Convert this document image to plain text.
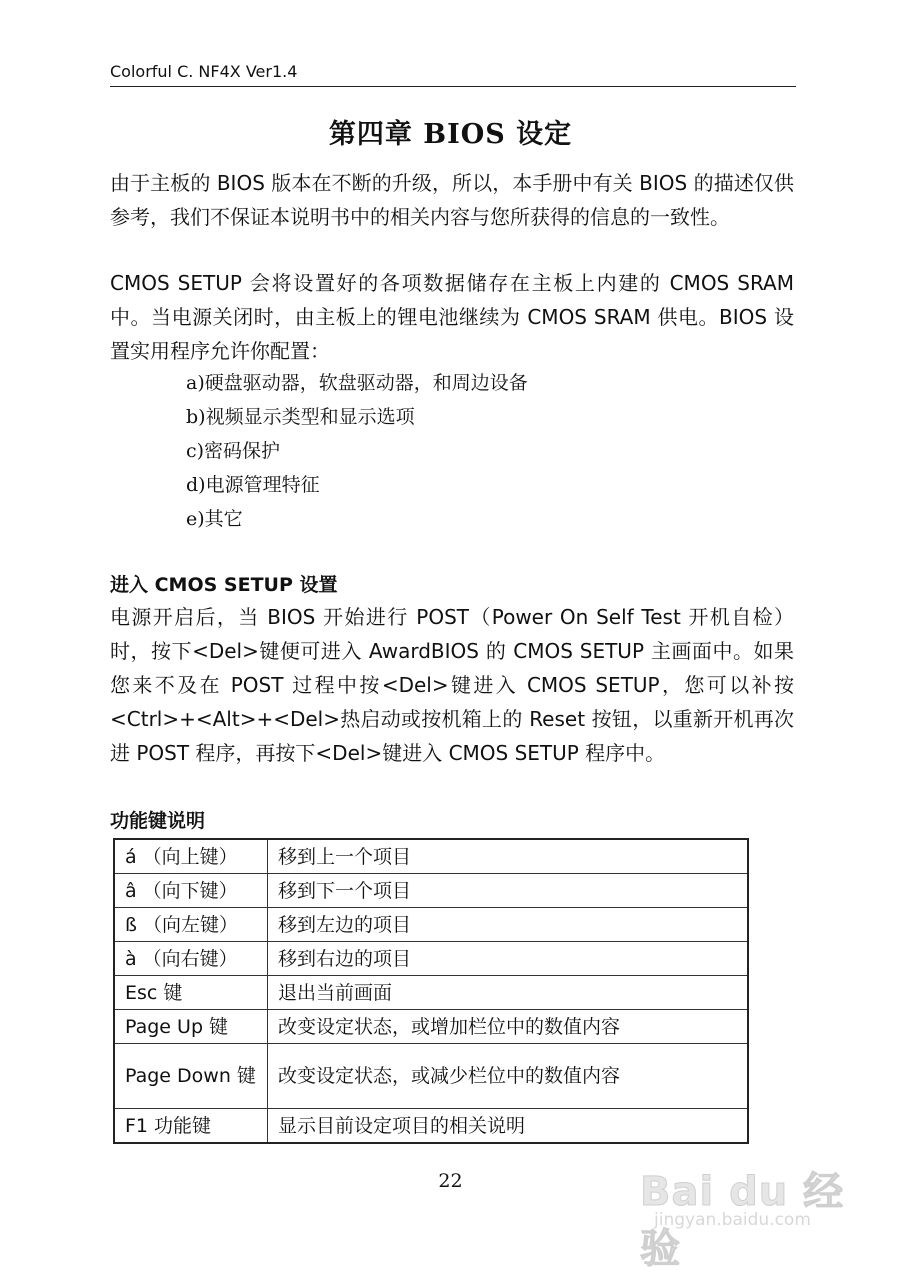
Colorful C. NF4X Ver1.4
第四章 BIOS 设定
由于主板的 BIOS 版本在不断的升级，所以，本手册中有关 BIOS 的描述仅供参考，我们不保证本说明书中的相关内容与您所获得的信息的一致性。
CMOS SETUP 会将设置好的各项数据储存在主板上内建的 CMOS SRAM 中。当电源关闭时，由主板上的锂电池继续为 CMOS SRAM 供电。BIOS 设置实用程序允许你配置：
a)硬盘驱动器，软盘驱动器，和周边设备
b)视频显示类型和显示选项
c)密码保护
d)电源管理特征
e)其它
进入 CMOS SETUP 设置
电源开启后，当 BIOS 开始进行 POST（Power On Self Test 开机自检）时，按下<Del>键便可进入 AwardBIOS 的 CMOS SETUP 主画面中。如果您来不及在 POST 过程中按<Del>键进入 CMOS SETUP，您可以补按<Ctrl>+<Alt>+<Del>热启动或按机箱上的 Reset 按钮，以重新开机再次进 POST 程序，再按下<Del>键进入 CMOS SETUP 程序中。
功能键说明
á （向上键）	移到上一个项目
â （向下键）	移到下一个项目
ß （向左键）	移到左边的项目
à （向右键）	移到右边的项目
Esc 键	退出当前画面
Page Up 键	改变设定状态，或增加栏位中的数值内容
Page Down 键	改变设定状态，或减少栏位中的数值内容
F1 功能键	显示目前设定项目的相关说明
22	Bai du 经验
jingyan.baidu.com
